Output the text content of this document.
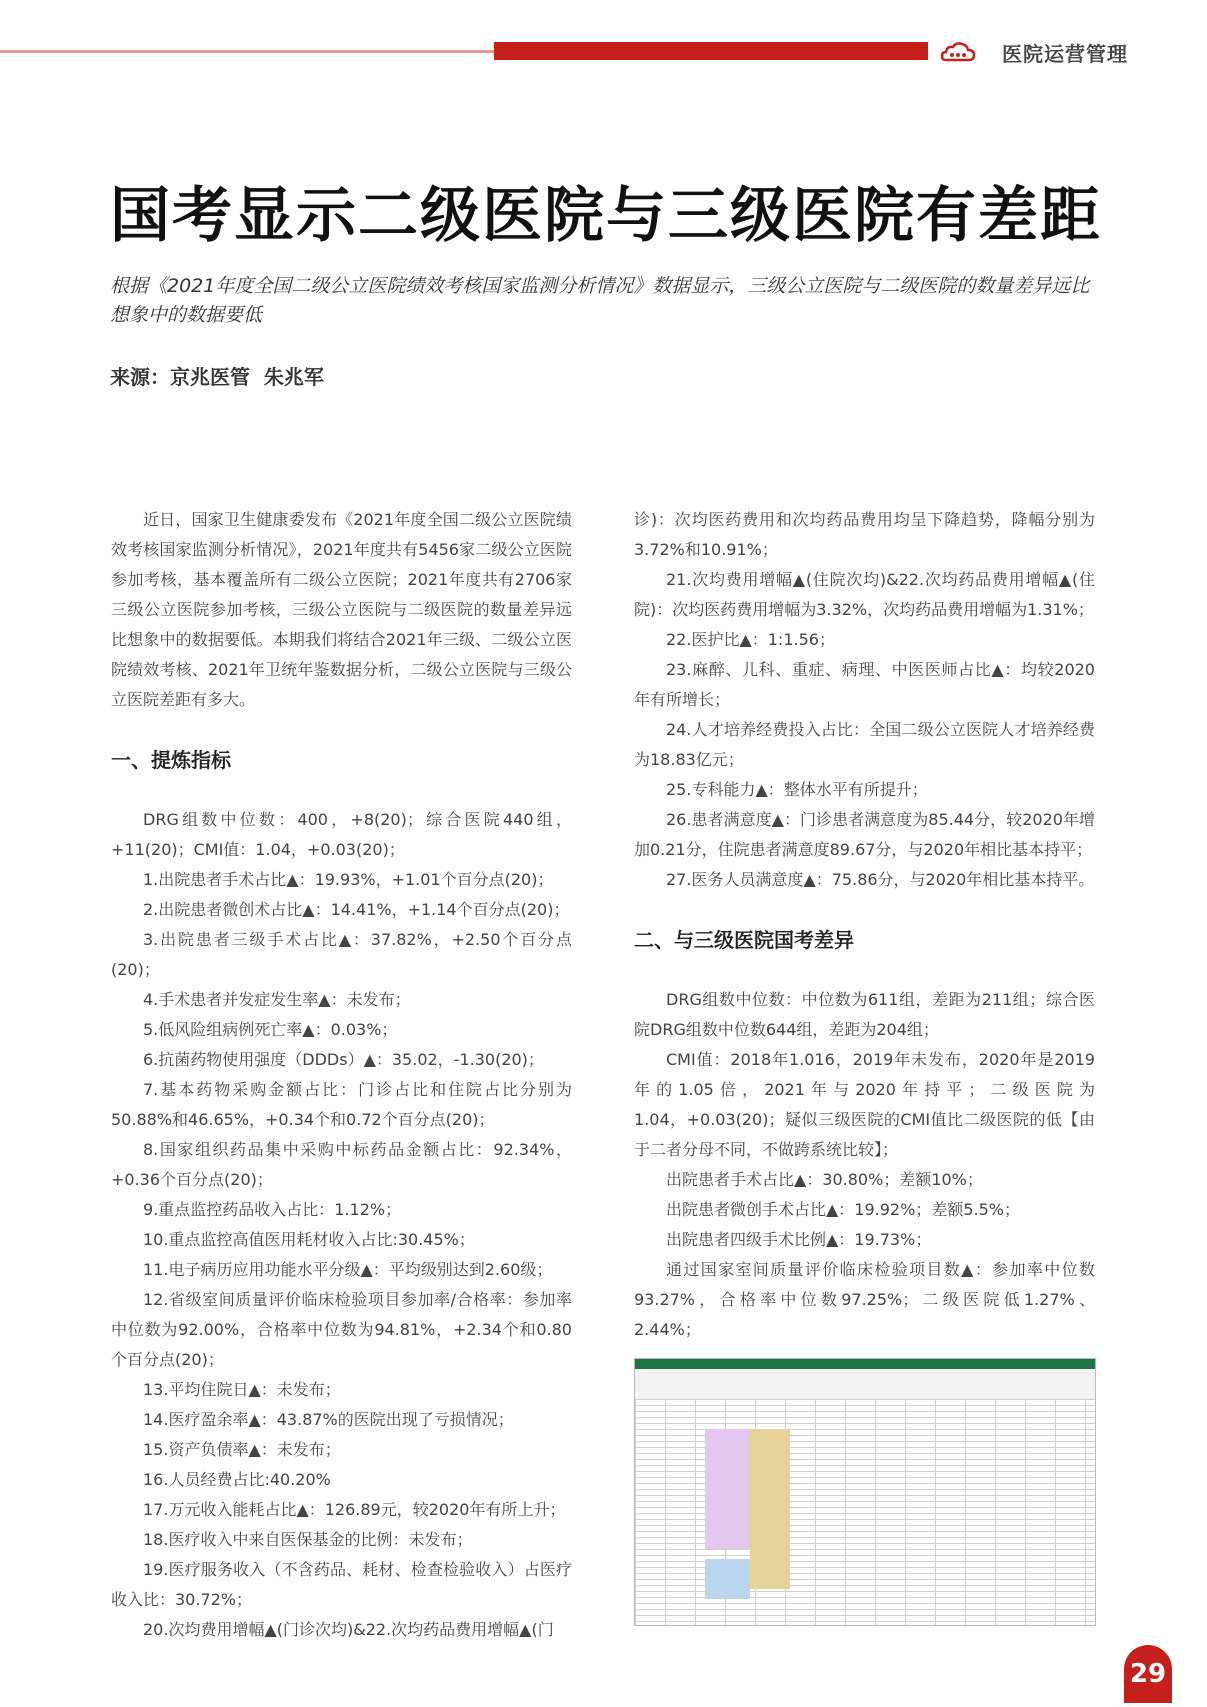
医院运营管理
国考显示二级医院与三级医院有差距
根据《2021年度全国二级公立医院绩效考核国家监测分析情况》数据显示，三级公立医院与二级医院的数量差异远比想象中的数据要低
来源：京兆医管  朱兆军

近日，国家卫生健康委发布《2021年度全国二级公立医院绩效考核国家监测分析情况》，2021年度共有5456家二级公立医院参加考核，基本覆盖所有二级公立医院；2021年度共有2706家三级公立医院参加考核，三级公立医院与二级医院的数量差异远比想象中的数据要低。本期我们将结合2021年三级、二级公立医院绩效考核、2021年卫统年鉴数据分析，二级公立医院与三级公立医院差距有多大。

一、提炼指标

DRG组数中位数：400，+8(20)；综合医院440组，+11(20)；CMI值：1.04，+0.03(20)；

1.出院患者手术占比▲：19.93%，+1.01个百分点(20)；

2.出院患者微创术占比▲：14.41%，+1.14个百分点(20)；

3.出院患者三级手术占比▲：37.82%，+2.50个百分点(20)；

4.手术患者并发症发生率▲：未发布；

5.低风险组病例死亡率▲：0.03%；

6.抗菌药物使用强度（DDDs）▲：35.02，-1.30(20)；

7.基本药物采购金额占比：门诊占比和住院占比分别为50.88%和46.65%，+0.34个和0.72个百分点(20)；

8.国家组织药品集中采购中标药品金额占比：92.34%，+0.36个百分点(20)；

9.重点监控药品收入占比：1.12%；

10.重点监控高值医用耗材收入占比:30.45%；

11.电子病历应用功能水平分级▲：平均级别达到2.60级；

12.省级室间质量评价临床检验项目参加率/合格率：参加率中位数为92.00%，合格率中位数为94.81%，+2.34个和0.80个百分点(20)；

13.平均住院日▲：未发布；

14.医疗盈余率▲：43.87%的医院出现了亏损情况；

15.资产负债率▲：未发布；

16.人员经费占比:40.20%

17.万元收入能耗占比▲：126.89元，较2020年有所上升；

18.医疗收入中来自医保基金的比例：未发布；

19.医疗服务收入（不含药品、耗材、检查检验收入）占医疗收入比：30.72%；

20.次均费用增幅▲(门诊次均)&22.次均药品费用增幅▲(门

诊)：次均医药费用和次均药品费用均呈下降趋势，降幅分别为3.72%和10.91%；

21.次均费用增幅▲(住院次均)&22.次均药品费用增幅▲(住院)：次均医药费用增幅为3.32%，次均药品费用增幅为1.31%；

22.医护比▲：1:1.56；

23.麻醉、儿科、重症、病理、中医医师占比▲：均较2020年有所增长；

24.人才培养经费投入占比：全国二级公立医院人才培养经费为18.83亿元；

25.专科能力▲：整体水平有所提升；

26.患者满意度▲：门诊患者满意度为85.44分，较2020年增加0.21分，住院患者满意度89.67分，与2020年相比基本持平；

27.医务人员满意度▲：75.86分，与2020年相比基本持平。

二、与三级医院国考差异

DRG组数中位数：中位数为611组，差距为211组；综合医院DRG组数中位数644组，差距为204组；

CMI值：2018年1.016，2019年未发布，2020年是2019年的1.05倍，2021年与2020年持平；二级医院为1.04，+0.03(20)；疑似三级医院的CMI值比二级医院的低【由于二者分母不同，不做跨系统比较】；

出院患者手术占比▲：30.80%；差额10%；

出院患者微创手术占比▲：19.92%；差额5.5%；

出院患者四级手术比例▲：19.73%；

通过国家室间质量评价临床检验项目数▲：参加率中位数93.27%，合格率中位数97.25%；二级医院低1.27%、2.44%；

29
